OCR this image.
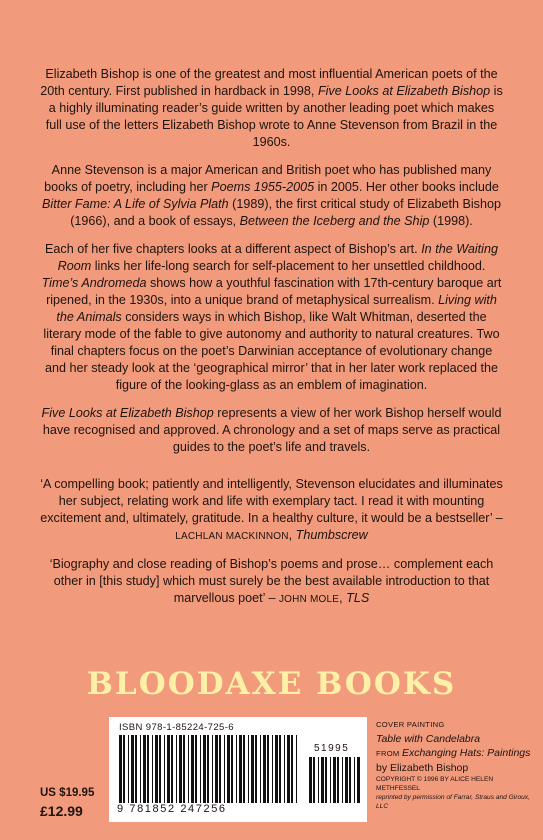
Elizabeth Bishop is one of the greatest and most influential American poets of the 20th century. First published in hardback in 1998, Five Looks at Elizabeth Bishop is a highly illuminating reader’s guide written by another leading poet which makes full use of the letters Elizabeth Bishop wrote to Anne Stevenson from Brazil in the 1960s.

Anne Stevenson is a major American and British poet who has published many books of poetry, including her Poems 1955-2005 in 2005. Her other books include Bitter Fame: A Life of Sylvia Plath (1989), the first critical study of Elizabeth Bishop (1966), and a book of essays, Between the Iceberg and the Ship (1998).

Each of her five chapters looks at a different aspect of Bishop’s art. In the Waiting Room links her life-long search for self-placement to her unsettled childhood. Time’s Andromeda shows how a youthful fascination with 17th-century baroque art ripened, in the 1930s, into a unique brand of metaphysical surrealism. Living with the Animals considers ways in which Bishop, like Walt Whitman, deserted the literary mode of the fable to give autonomy and authority to natural creatures. Two final chapters focus on the poet’s Darwinian acceptance of evolutionary change and her steady look at the ‘geographical mirror’ that in her later work replaced the figure of the looking-glass as an emblem of imagination.

Five Looks at Elizabeth Bishop represents a view of her work Bishop herself would have recognised and approved. A chronology and a set of maps serve as practical guides to the poet’s life and travels.

‘A compelling book; patiently and intelligently, Stevenson elucidates and illuminates her subject, relating work and life with exemplary tact. I read it with mounting excitement and, ultimately, gratitude. In a healthy culture, it would be a bestseller’ – LACHLAN MACKINNON, Thumbscrew

‘Biography and close reading of Bishop’s poems and prose… complement each other in [this study] which must surely be the best available introduction to that marvellous poet’ – JOHN MOLE, TLS

BLOODAXE BOOKS
US $19.95
£12.99
ISBN 978-1-85224-725-6
51995
9 781852 247256
COVER PAINTING
Table with Candelabra
FROM Exchanging Hats: Paintings
by Elizabeth Bishop
COPYRIGHT © 1996 BY ALICE HELEN METHFESSEL
reprinted by permission of Farrar, Straus and Giroux, LLC
